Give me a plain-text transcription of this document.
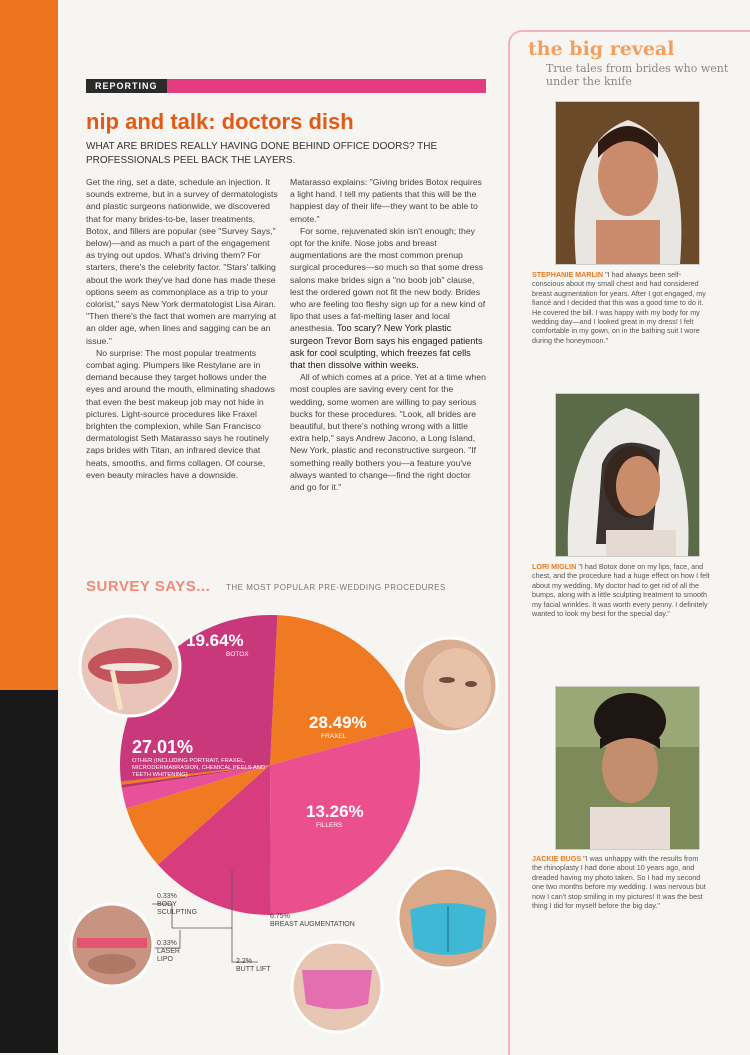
REPORTING
nip and talk: doctors dish
WHAT ARE BRIDES REALLY HAVING DONE BEHIND OFFICE DOORS? THE PROFESSIONALS PEEL BACK THE LAYERS.

Get the ring, set a date, schedule an injection. It sounds extreme, but in a survey of dermatologists and plastic surgeons nationwide, we discovered that for many brides-to-be, laser treatments, Botox, and fillers are popular (see "Survey Says," below)—and as much a part of the engagement as trying out updos. What's driving them? For starters, there's the celebrity factor. "Stars' talking about the work they've had done has made these options seem as commonplace as a trip to your colorist," says New York dermatologist Lisa Airan. "Then there's the fact that women are marrying at an older age, when lines and sagging can be an issue."

No surprise: The most popular treatments combat aging. Plumpers like Restylane are in demand because they target hollows under the eyes and around the mouth, eliminating shadows that even the best makeup job may not hide in pictures. Light-source procedures like Fraxel brighten the complexion, while San Francisco dermatologist Seth Matarasso says he routinely zaps brides with Titan, an infrared device that heats, smooths, and firms collagen. Of course, even beauty miracles have a downside.

Matarasso explains: "Giving brides Botox requires a light hand. I tell my patients that this will be the happiest day of their life—they want to be able to emote."

For some, rejuvenated skin isn't enough; they opt for the knife. Nose jobs and breast augmentations are the most common prenup surgical procedures—so much so that some dress salons make brides sign a "no boob job" clause, lest the ordered gown not fit the new body. Brides who are feeling too fleshy sign up for a new kind of lipo that uses a fat-melting laser and local anesthesia. Too scary? New York plastic surgeon Trevor Born says his engaged patients ask for cool sculpting, which freezes fat cells that then dissolve within weeks.

All of which comes at a price. Yet at a time when most couples are saving every cent for the wedding, some women are willing to pay serious bucks for these procedures. "Look, all brides are beautiful, but there's nothing wrong with a little extra help," says Andrew Jacono, a Long Island, New York, plastic and reconstructive surgeon. "If something really bothers you—a feature you've always wanted to change—find the right doctor and go for it."

SURVEY SAYS... THE MOST POPULAR PRE-WEDDING PROCEDURES
19.64%
BOTOX
28.49%
FRAXEL
13.26%
FILLERS
27.01%
OTHER (INCLUDING PORTRAIT, FRAXEL, MICRODERMABRASION, CHEMICAL PEELS AND TEETH WHITENING)
0.33%
BODY SCULPTING
0.33%
LASER LIPO	2.2%
BUTT LIFT
6.75%
BREAST AUGMENTATION
the big reveal
True tales from brides who went under the knife
STEPHANIE MARLIN "I had always been self-conscious about my small chest and had considered breast augmentation for years. After I got engaged, my fiancé and I decided that this was a good time to do it. He covered the bill. I was happy with my body for my wedding day—and I looked great in my dress! I felt comfortable in my gown, on in the bathing suit I wore during the honeymoon."
LORI MIGLIN "I had Botox done on my lips, face, and chest, and the procedure had a huge effect on how I felt about my wedding. My doctor had to get rid of all the bumps, along with a little sculpting treatment to smooth my facial wrinkles. It was worth every penny. I definitely wanted to look my best for the special day."
JACKIE BUGS "I was unhappy with the results from the rhinoplasty I had done about 10 years ago, and dreaded having my photo taken. So I had my second one two months before my wedding. I was nervous but now I can't stop smiling in my pictures! It was the best thing I did for myself before the big day."
